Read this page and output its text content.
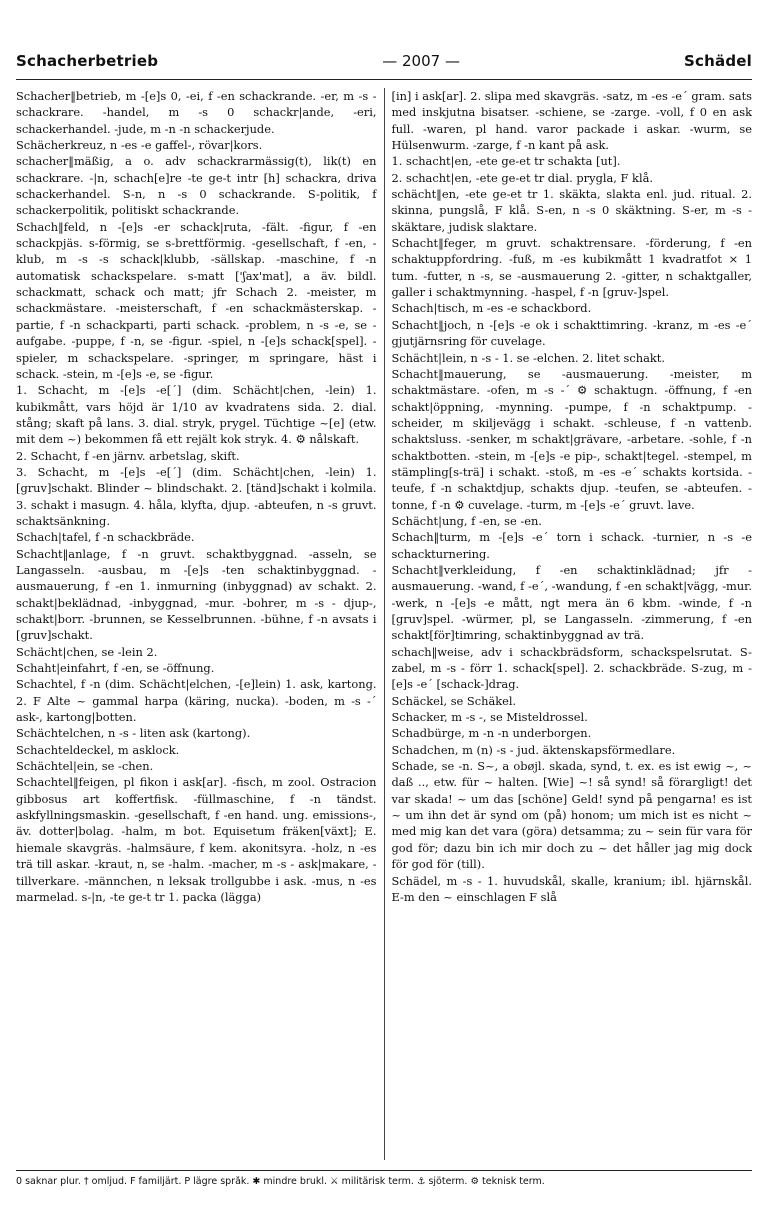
Schacherbetrieb	— 2007 —	Schädel

Schacher‖betrieb, m -[e]s 0, -ei, f -en schackrande. -er, m -s - schackrare. -handel, m -s 0 schackr|ande, -eri, schackerhandel. -jude, m -n -n schackerjude.

Schächerkreuz, n -es -e gaffel-, rövar|kors.

schacher‖mäßig, a o. adv schackrarmässig(t), lik(t) en schackrare. -|n, schach[e]re -te ge-t intr [h] schackra, driva schackerhandel. S-n, n -s 0 schackrande. S-politik, f schackerpolitik, politiskt schackrande.

Schach‖feld, n -[e]s -er schack|ruta, -fält. -figur, f -en schackpjäs. s-förmig, se s-brettförmig. -gesellschaft, f -en, -klub, m -s -s schack|klubb, -sällskap. -maschine, f -n automatisk schackspelare. s-matt ['ʃax'mat], a äv. bildl. schackmatt, schack och matt; jfr Schach 2. -meister, m schackmästare. -meisterschaft, f -en schackmästerskap. -partie, f -n schackparti, parti schack. -problem, n -s -e, se -aufgabe. -puppe, f -n, se -figur. -spiel, n -[e]s schack[spel]. -spieler, m schackspelare. -springer, m springare, häst i schack. -stein, m -[e]s -e, se -figur.

1. Schacht, m -[e]s -e[´] (dim. Schächt|chen, -lein) 1. kubikmått, vars höjd är 1/10 av kvadratens sida. 2. dial. stång; skaft på lans. 3. dial. stryk, prygel. Tüchtige ~[e] (etw. mit dem ~) bekommen få ett rejält kok stryk. 4. ⚙ nålskaft.

2. Schacht, f -en järnv. arbetslag, skift.

3. Schacht, m -[e]s -e[´] (dim. Schächt|chen, -lein) 1. [gruv]schakt. Blinder ~ blindschakt. 2. [tänd]schakt i kolmila. 3. schakt i masugn. 4. håla, klyfta, djup. -abteufen, n -s gruvt. schaktsänkning.

Schach|tafel, f -n schackbräde.

Schacht‖anlage, f -n gruvt. schaktbyggnad. -asseln, se Langasseln. -ausbau, m -[e]s -ten schaktinbyggnad. -ausmauerung, f -en 1. inmurning (inbyggnad) av schakt. 2. schakt|beklädnad, -inbyggnad, -mur. -bohrer, m -s - djup-, schakt|borr. -brunnen, se Kesselbrunnen. -bühne, f -n avsats i [gruv]schakt.

Schächt|chen, se -lein 2.

Schaht|einfahrt, f -en, se -öffnung.

Schachtel, f -n (dim. Schächt|elchen, -[e]lein) 1. ask, kartong. 2. F Alte ~ gammal harpa (käring, nucka). -boden, m -s -´ ask-, kartong|botten.

Schächtelchen, n -s - liten ask (kartong).

Schachteldeckel, m asklock.

Schächtel|ein, se -chen.

Schachtel‖feigen, pl fikon i ask[ar]. -fisch, m zool. Ostracion gibbosus art koffertfisk. -füllmaschine, f -n tändst. askfyllningsmaskin. -gesellschaft, f -en hand. ung. emissions-, äv. dotter|bolag. -halm, m bot. Equisetum fräken[växt]; E. hiemale skavgräs. -halmsäure, f kem. akonitsyra. -holz, n -es trä till askar. -kraut, n, se -halm. -macher, m -s - ask|makare, -tillverkare. -männchen, n leksak trollgubbe i ask. -mus, n -es marmelad. s-|n, -te ge-t tr 1. packa (lägga)

[in] i ask[ar]. 2. slipa med skavgräs. -satz, m -es -e´ gram. sats med inskjutna bisatser. -schiene, se -zarge. -voll, f 0 en ask full. -waren, pl hand. varor packade i askar. -wurm, se Hülsenwurm. -zarge, f -n kant på ask.

1. schacht|en, -ete ge-et tr schakta [ut].

2. schacht|en, -ete ge-et tr dial. prygla, F klå.

schächt‖en, -ete ge-et tr 1. skäkta, slakta enl. jud. ritual. 2. skinna, pungslå, F klå. S-en, n -s 0 skäktning. S-er, m -s - skäktare, judisk slaktare.

Schacht‖feger, m gruvt. schaktrensare. -förderung, f -en schaktuppfordring. -fuß, m -es kubikmått 1 kvadratfot × 1 tum. -futter, n -s, se -ausmauerung 2. -gitter, n schaktgaller, galler i schaktmynning. -haspel, f -n [gruv-]spel.

Schach|tisch, m -es -e schackbord.

Schacht‖joch, n -[e]s -e ok i schakttimring. -kranz, m -es -e´ gjutjärnsring för cuvelage.

Schächt|lein, n -s - 1. se -elchen. 2. litet schakt.

Schacht‖mauerung, se -ausmauerung. -meister, m schaktmästare. -ofen, m -s -´ ⚙ schaktugn. -öffnung, f -en schakt|öppning, -mynning. -pumpe, f -n schaktpump. -scheider, m skiljevägg i schakt. -schleuse, f -n vattenb. schaktsluss. -senker, m schakt|grävare, -arbetare. -sohle, f -n schaktbotten. -stein, m -[e]s -e pip-, schakt|tegel. -stempel, m stämpling[s-trä] i schakt. -stoß, m -es -e´ schakts kortsida. -teufe, f -n schaktdjup, schakts djup. -teufen, se -abteufen. -tonne, f -n ⚙ cuvelage. -turm, m -[e]s -e´ gruvt. lave.

Schächt|ung, f -en, se -en.

Schach‖turm, m -[e]s -e´ torn i schack. -turnier, n -s -e schackturnering.

Schacht‖verkleidung, f -en schaktinklädnad; jfr -ausmauerung. -wand, f -e´, -wandung, f -en schakt|vägg, -mur. -werk, n -[e]s -e mått, ngt mera än 6 kbm. -winde, f -n [gruv]spel. -würmer, pl, se Langasseln. -zimmerung, f -en schakt[för]timring, schaktinbyggnad av trä.

schach‖weise, adv i schackbrädsform, schackspelsrutat. S-zabel, m -s - förr 1. schack[spel]. 2. schackbräde. S-zug, m -[e]s -e´ [schack-]drag.

Schäckel, se Schäkel.

Schacker, m -s -, se Misteldrossel.

Schadbürge, m -n -n underborgen.

Schadchen, m (n) -s - jud. äktenskapsförmedlare.

Schade, se -n. S~, a obøjl. skada, synd, t. ex. es ist ewig ~, ~ daß .., etw. für ~ halten. [Wie] ~! så synd! så förargligt! det var skada! ~ um das [schöne] Geld! synd på pengarna! es ist ~ um ihn det är synd om (på) honom; um mich ist es nicht ~ med mig kan det vara (göra) detsamma; zu ~ sein für vara för god för; dazu bin ich mir doch zu ~ det håller jag mig dock för god för (till).

Schädel, m -s - 1. huvudskål, skalle, kranium; ibl. hjärnskål. E-m den ~ einschlagen F slå

0 saknar plur. † omljud. F familjärt. P lägre språk. ✱ mindre brukl. ⚔ militärisk term. ⚓ sjöterm. ⚙ teknisk term.
